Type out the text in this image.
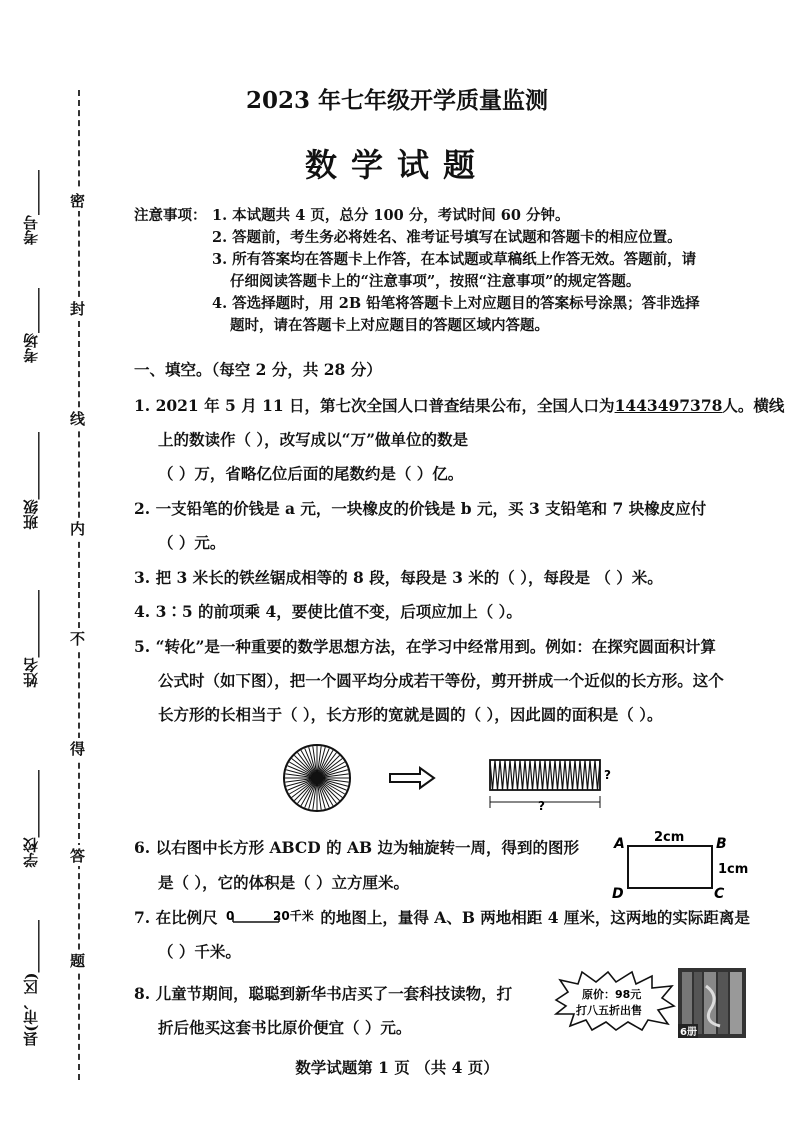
考号______
考场______
班级_________
姓名_________
学校_________
县(市、区)_______
密
封
线
内
不
得
答
题
2023 年七年级开学质量监测
数学试题
注意事项： 1. 本试题共 4 页，总分 100 分，考试时间 60 分钟。
2. 答题前，考生务必将姓名、准考证号填写在试题和答题卡的相应位置。
3. 所有答案均在答题卡上作答，在本试题或草稿纸上作答无效。答题前，请
仔细阅读答题卡上的“注意事项”，按照“注意事项”的规定答题。
4. 答选择题时，用 2B 铅笔将答题卡上对应题目的答案标号涂黑；答非选择
题时，请在答题卡上对应题目的答题区域内答题。
一、填空。（每空 2 分，共 28 分）
1. 2021 年 5 月 11 日，第七次全国人口普查结果公布，全国人口为1443497378人。横线
上的数读作（ ），改写成以“万”做单位的数是
（ ）万，省略亿位后面的尾数约是（ ）亿。
2. 一支铅笔的价钱是 a 元，一块橡皮的价钱是 b 元，买 3 支铅笔和 7 块橡皮应付
（ ）元。
3. 把 3 米长的铁丝锯成相等的 8 段，每段是 3 米的（ ），每段是 （ ）米。
4. 3∶5 的前项乘 4，要使比值不变，后项应加上（ ）。
5. “转化”是一种重要的数学思想方法，在学习中经常用到。例如：在探究圆面积计算
公式时（如下图），把一个圆平均分成若干等份，剪开拼成一个近似的长方形。这个
长方形的长相当于（ ），长方形的宽就是圆的（ ），因此圆的面积是（ ）。
?
?
6. 以右图中长方形 ABCD 的 AB 边为轴旋转一周，得到的图形
是（ ），它的体积是（ ）立方厘米。
A	B
C
D
2cm
1cm
7. 在比例尺 0	20千米 的地图上，量得 A、B 两地相距 4 厘米，这两地的实际距离是
（ ）千米。
8. 儿童节期间，聪聪到新华书店买了一套科技读物，打
折后他买这套书比原价便宜（ ）元。
原价：98元
打八五折出售
6册
数学试题第 1 页 （共 4 页）
